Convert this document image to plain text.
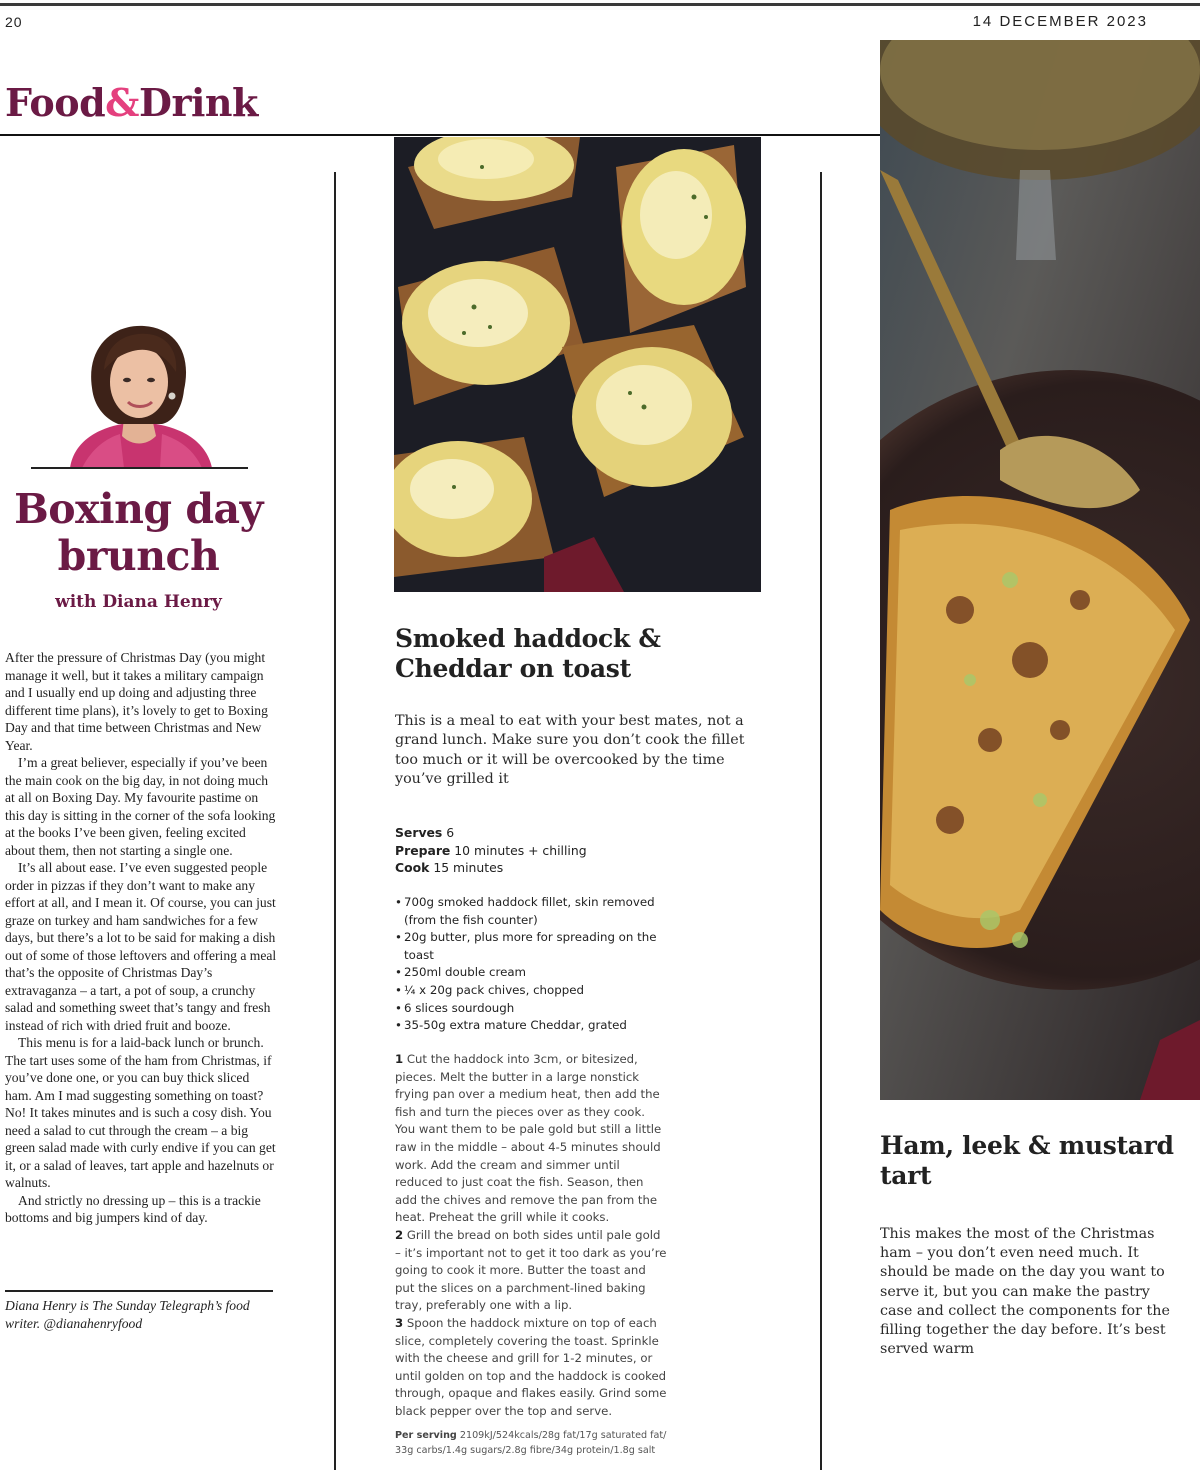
20	14 DECEMBER 2023
Food&Drink
Boxing day
brunch
with Diana Henry

After the pressure of Christmas Day (you might manage it well, but it takes a military campaign and I usually end up doing and adjusting three different time plans), it’s lovely to get to Boxing Day and that time between Christmas and New Year.

I’m a great believer, especially if you’ve been the main cook on the big day, in not doing much at all on Boxing Day. My favourite pastime on this day is sitting in the corner of the sofa looking at the books I’ve been given, feeling excited about them, then not starting a single one.

It’s all about ease. I’ve even suggested people order in pizzas if they don’t want to make any effort at all, and I mean it. Of course, you can just graze on turkey and ham sandwiches for a few days, but there’s a lot to be said for making a dish out of some of those leftovers and offering a meal that’s the opposite of Christmas Day’s extravaganza – a tart, a pot of soup, a crunchy salad and something sweet that’s tangy and fresh instead of rich with dried fruit and booze.

This menu is for a laid-back lunch or brunch. The tart uses some of the ham from Christmas, if you’ve done one, or you can buy thick sliced ham. Am I mad suggesting something on toast? No! It takes minutes and is such a cosy dish. You need a salad to cut through the cream – a big green salad made with curly endive if you can get it, or a salad of leaves, tart apple and hazelnuts or walnuts.

And strictly no dressing up – this is a trackie bottoms and big jumpers kind of day.

Diana Henry is The Sunday Telegraph’s food writer. @dianahenryfood
Smoked haddock & Cheddar on toast

This is a meal to eat with your best mates, not a grand lunch. Make sure you don’t cook the fillet too much or it will be overcooked by the time you’ve grilled it

Serves 6
Prepare 10 minutes + chilling
Cook 15 minutes
• 700g smoked haddock fillet, skin removed (from the fish counter)
• 20g butter, plus more for spreading on the toast
• 250ml double cream
• ¼ x 20g pack chives, chopped
• 6 slices sourdough
• 35-50g extra mature Cheddar, grated

1 Cut the haddock into 3cm, or bitesized, pieces. Melt the butter in a large nonstick frying pan over a medium heat, then add the fish and turn the pieces over as they cook. You want them to be pale gold but still a little raw in the middle – about 4-5 minutes should work. Add the cream and simmer until reduced to just coat the fish. Season, then add the chives and remove the pan from the heat. Preheat the grill while it cooks.

2 Grill the bread on both sides until pale gold – it’s important not to get it too dark as you’re going to cook it more. Butter the toast and put the slices on a parchment-lined baking tray, preferably one with a lip.

3 Spoon the haddock mixture on top of each slice, completely covering the toast. Sprinkle with the cheese and grill for 1-2 minutes, or until golden on top and the haddock is cooked through, opaque and flakes easily. Grind some black pepper over the top and serve.

Per serving 2109kJ/524kcals/28g fat/17g saturated fat/ 33g carbs/1.4g sugars/2.8g fibre/34g protein/1.8g salt
Ham, leek & mustard tart

This makes the most of the Christmas ham – you don’t even need much. It should be made on the day you want to serve it, but you can make the pastry case and collect the components for the filling together the day before. It’s best served warm
